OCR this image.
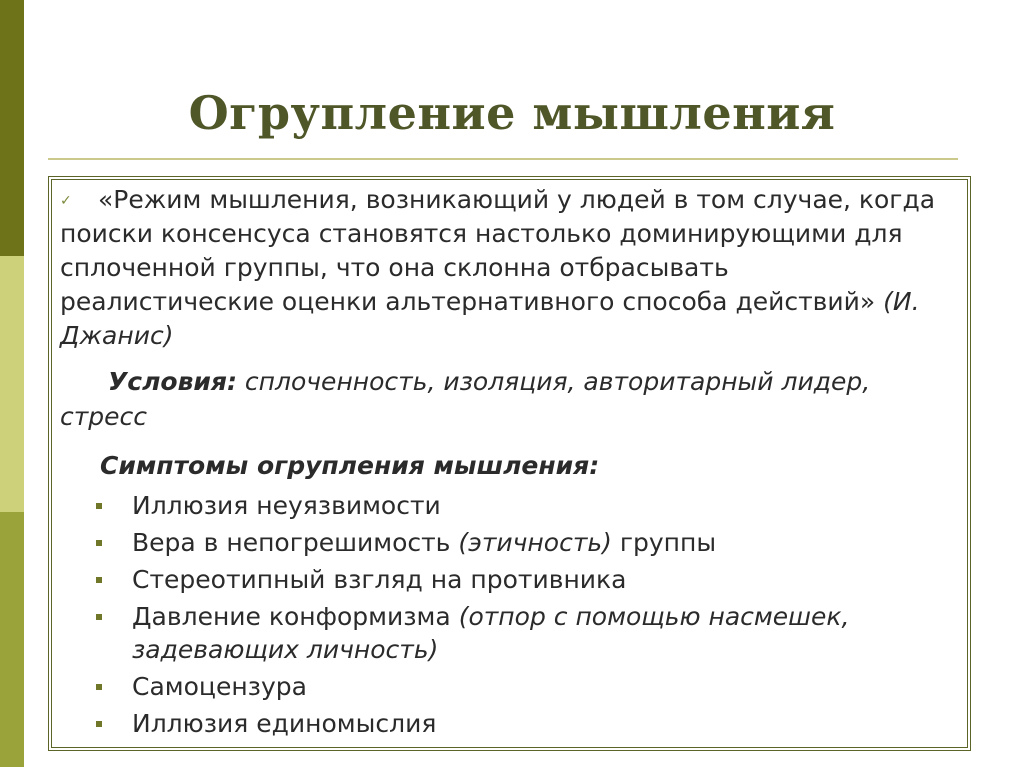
Огрупление мышления
✓	«Режим мышления, возникающий у людей в том случае, когда поиски консенсуса становятся настолько доминирующими для сплоченной группы, что она склонна отбрасывать реалистические оценки альтернативного способа действий» (И. Джанис)

Условия: сплоченность, изоляция, авторитарный лидер, стресс
Симптомы огрупления мышления:
Иллюзия неуязвимости
Вера в непогрешимость (этичность) группы
Стереотипный взгляд на противника
Давление конформизма (отпор с помощью насмешек, задевающих личность)
Самоцензура
Иллюзия единомыслия
